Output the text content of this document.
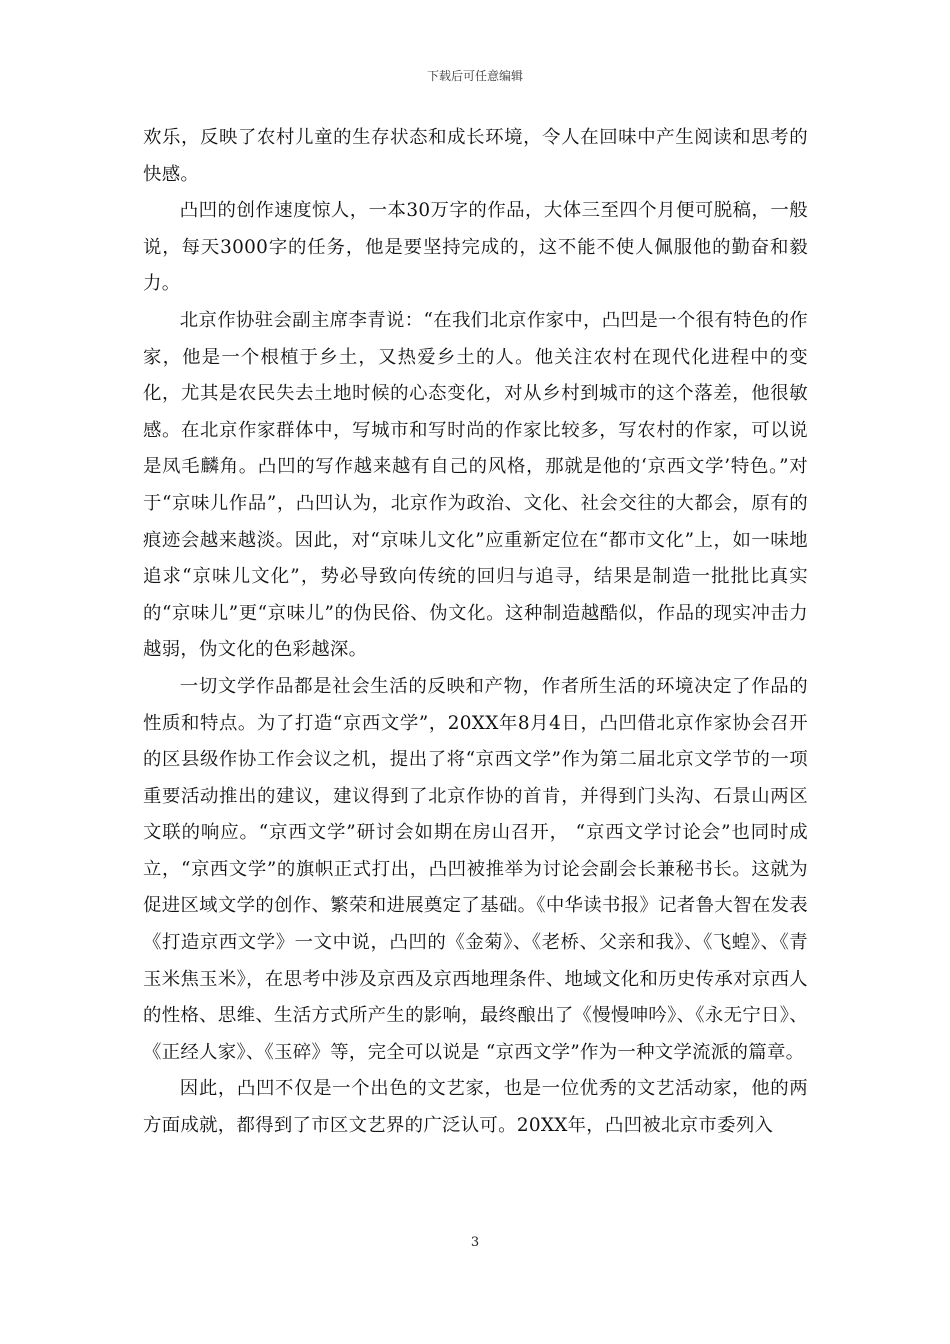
下载后可任意编辑

欢乐，反映了农村儿童的生存状态和成长环境，令人在回味中产生阅读和思考的快感。

凸凹的创作速度惊人，一本30万字的作品，大体三至四个月便可脱稿，一般说，每天3000字的任务，他是要坚持完成的，这不能不使人佩服他的勤奋和毅力。

北京作协驻会副主席李青说：“在我们北京作家中，凸凹是一个很有特色的作家，他是一个根植于乡土，又热爱乡土的人。他关注农村在现代化进程中的变化，尤其是农民失去土地时候的心态变化，对从乡村到城市的这个落差，他很敏感。在北京作家群体中，写城市和写时尚的作家比较多，写农村的作家，可以说是凤毛麟角。凸凹的写作越来越有自己的风格，那就是他的‘京西文学’特色。”对于“京味儿作品”，凸凹认为，北京作为政治、文化、社会交往的大都会，原有的痕迹会越来越淡。因此，对“京味儿文化”应重新定位在“都市文化”上，如一味地追求“京味儿文化”，势必导致向传统的回归与追寻，结果是制造一批批比真实的“京味儿”更“京味儿”的伪民俗、伪文化。这种制造越酷似，作品的现实冲击力越弱，伪文化的色彩越深。

一切文学作品都是社会生活的反映和产物，作者所生活的环境决定了作品的性质和特点。为了打造“京西文学”，20XX年8月4日，凸凹借北京作家协会召开的区县级作协工作会议之机，提出了将“京西文学”作为第二届北京文学节的一项重要活动推出的建议，建议得到了北京作协的首肯，并得到门头沟、石景山两区文联的响应。“京西文学”研讨会如期在房山召开， “京西文学讨论会”也同时成立，“京西文学”的旗帜正式打出，凸凹被推举为讨论会副会长兼秘书长。这就为促进区域文学的创作、繁荣和进展奠定了基础。《中华读书报》记者鲁大智在发表《打造京西文学》一文中说，凸凹的《金菊》、《老桥、父亲和我》、《飞蝗》、《青玉米焦玉米》，在思考中涉及京西及京西地理条件、地域文化和历史传承对京西人的性格、思维、生活方式所产生的影响，最终酿出了《慢慢呻吟》、《永无宁日》、《正经人家》、《玉碎》等，完全可以说是 “京西文学”作为一种文学流派的篇章。

因此，凸凹不仅是一个出色的文艺家，也是一位优秀的文艺活动家，他的两方面成就，都得到了市区文艺界的广泛认可。20XX年，凸凹被北京市委列入

3
